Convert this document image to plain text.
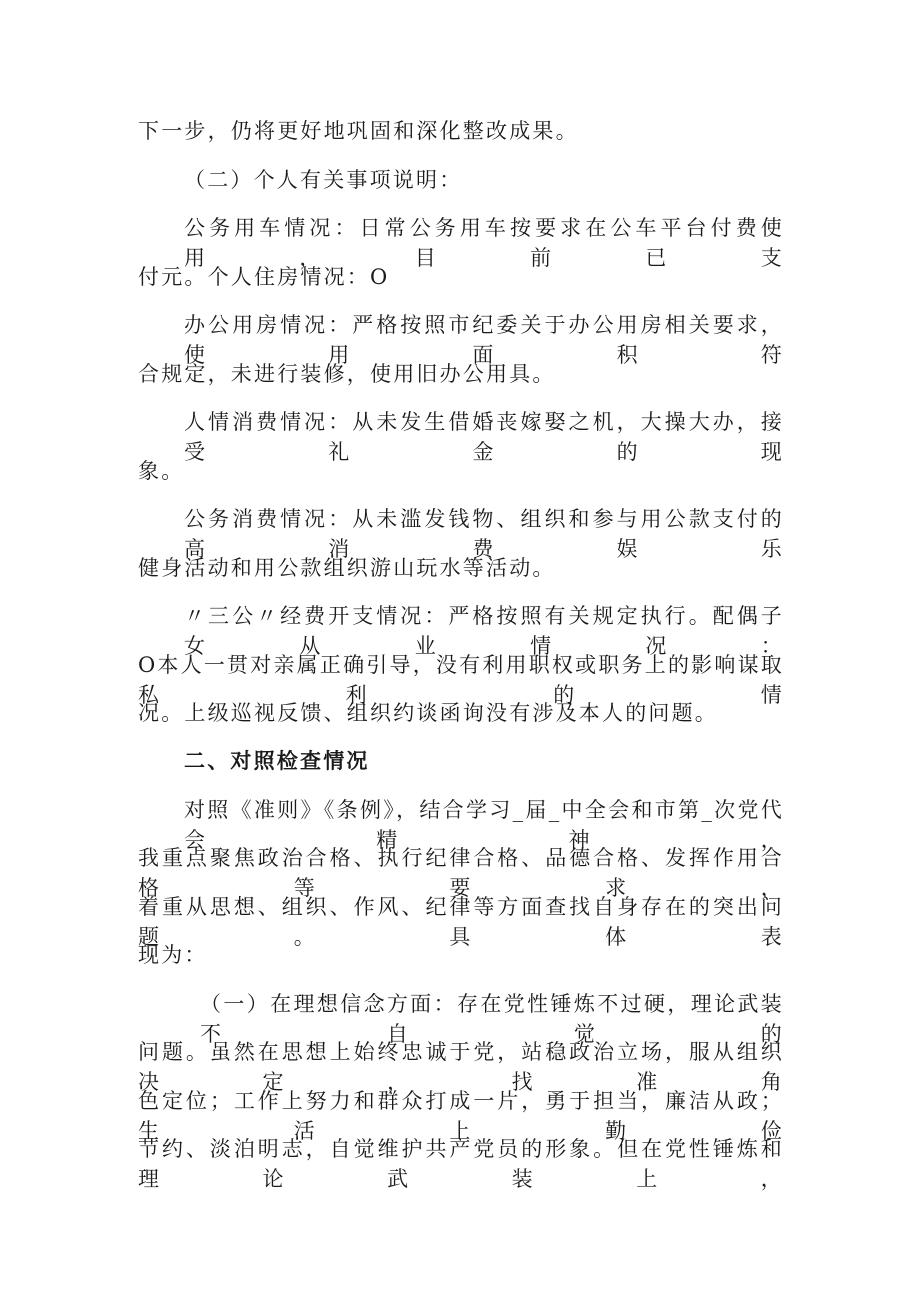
下一步，仍将更好地巩固和深化整改成果。
（二）个人有关事项说明：
公务用车情况：日常公务用车按要求在公车平台付费使用，目前已支
付元。个人住房情况：O
办公用房情况：严格按照市纪委关于办公用房相关要求，使用面积符
合规定，未进行装修，使用旧办公用具。
人情消费情况：从未发生借婚丧嫁娶之机，大操大办，接受礼金的现
象。
公务消费情况：从未滥发钱物、组织和参与用公款支付的高消费娱乐
健身活动和用公款组织游山玩水等活动。
〃三公〃经费开支情况：严格按照有关规定执行。配偶子女从业情况：
O本人一贯对亲属正确引导，没有利用职权或职务上的影响谋取私利的情
况。上级巡视反馈、组织约谈函询没有涉及本人的问题。
二、对照检查情况
对照《准则》《条例》，结合学习_届_中全会和市第_次党代会精神，
我重点聚焦政治合格、执行纪律合格、品德合格、发挥作用合格等要求，
着重从思想、组织、作风、纪律等方面查找自身存在的突出问题。具体表
现为：
（一）在理想信念方面：存在党性锤炼不过硬，理论武装不自觉的
问题。虽然在思想上始终忠诚于党，站稳政治立场，服从组织决定，找准角
色定位；工作上努力和群众打成一片，勇于担当，廉洁从政；生活上勤俭
节约、淡泊明志，自觉维护共产党员的形象。但在党性锤炼和理论武装上，
